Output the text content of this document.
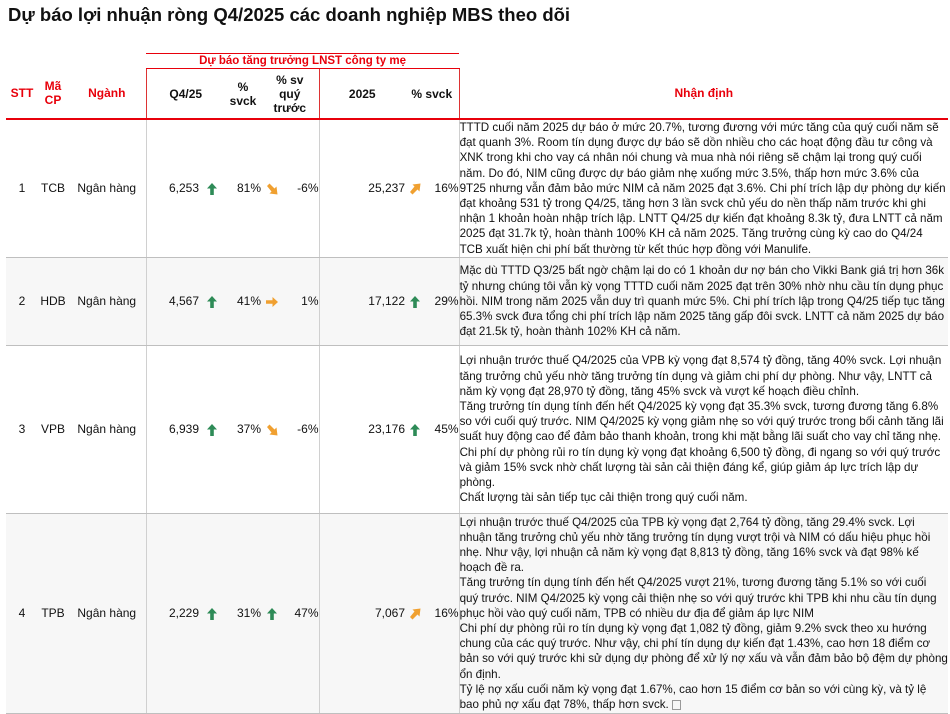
Dự báo lợi nhuận ròng Q4/2025 các doanh nghiệp MBS theo dõi
			Dự báo tăng trưởng LNST công ty mẹ								
STT	Mã
CP	Ngành	Q4/25		% svck	% sv
quý
trước		2025	% svck		Nhận định
1	TCB	Ngân hàng	6,253		81%		-6%	25,237		16%	TTTD cuối năm 2025 dự báo ở mức 20.7%, tương đương với mức tăng của quý cuối năm sẽ đạt quanh 3%. Room tín dụng được dự báo sẽ dồn nhiều cho các hoạt động đầu tư công và XNK trong khi cho vay cá nhân nói chung và mua nhà nói riêng sẽ chậm lại trong quý cuối năm. Do đó, NIM cũng được dự báo giảm nhẹ xuống mức 3.5%, thấp hơn mức 3.6% của 9T25 nhưng vẫn đảm bảo mức NIM cả năm 2025 đạt 3.6%. Chi phí trích lập dự phòng dự kiến đạt khoảng 531 tỷ trong Q4/25, tăng hơn 3 lần svck chủ yếu do nền thấp năm trước khi ghi nhận 1 khoản hoàn nhập trích lập. LNTT Q4/25 dự kiến đạt khoảng 8.3k tỷ, đưa LNTT cả năm 2025 đạt 31.7k tỷ, hoàn thành 100% KH cả năm 2025. Tăng trưởng cùng kỳ cao do Q4/24 TCB xuất hiện chi phí bất thường từ kết thúc hợp đồng với Manulife.

2	HDB	Ngân hàng	4,567		41%		1%	17,122		29%	Mặc dù TTTD Q3/25 bất ngờ chậm lại do có 1 khoản dư nợ bán cho Vikki Bank giá trị hơn 36k tỷ nhưng chúng tôi vẫn kỳ vọng TTTD cuối năm 2025 đạt trên 30% nhờ nhu cầu tín dụng phục hồi. NIM trong năm 2025 vẫn duy trì quanh mức 5%. Chi phí trích lập trong Q4/25 tiếp tục tăng 65.3% svck đưa tổng chi phí trích lập năm 2025 tăng gấp đôi svck. LNTT cả năm 2025 dự báo đạt 21.5k tỷ, hoàn thành 102% KH cả năm.

3	VPB	Ngân hàng	6,939		37%		-6%	23,176		45%	Lợi nhuận trước thuế Q4/2025 của VPB kỳ vọng đạt 8,574 tỷ đồng, tăng 40% svck. Lợi nhuận tăng trưởng chủ yếu nhờ tăng trưởng tín dụng và giảm chi phí dự phòng. Như vậy, LNTT cả năm kỳ vọng đạt 28,970 tỷ đồng, tăng 45% svck và vượt kế hoạch điều chỉnh.
Tăng trưởng tín dụng tính đến hết Q4/2025 kỳ vọng đạt 35.3% svck, tương đương tăng 6.8% so với cuối quý trước. NIM Q4/2025 kỳ vọng giảm nhẹ so với quý trước trong bối cảnh tăng lãi suất huy động cao để đảm bảo thanh khoản, trong khi mặt bằng lãi suất cho vay chỉ tăng nhẹ.
Chi phí dự phòng rủi ro tín dụng kỳ vọng đạt khoảng 6,500 tỷ đồng, đi ngang so với quý trước và giảm 15% svck nhờ chất lượng tài sản cải thiện đáng kể, giúp giảm áp lực trích lập dự phòng.
Chất lượng tài sản tiếp tục cải thiện trong quý cuối năm.

4	TPB	Ngân hàng	2,229		31%		47%	7,067		16%	Lợi nhuận trước thuế Q4/2025 của TPB kỳ vọng đạt 2,764 tỷ đồng, tăng 29.4% svck. Lợi nhuận tăng trưởng chủ yếu nhờ tăng trưởng tín dụng vượt trội và NIM có dấu hiệu phục hồi nhẹ. Như vậy, lợi nhuận cả năm kỳ vọng đạt 8,813 tỷ đồng, tăng 16% svck và đạt 98% kế hoạch đề ra.
Tăng trưởng tín dụng tính đến hết Q4/2025 vượt 21%, tương đương tăng 5.1% so với cuối quý trước. NIM Q4/2025 kỳ vọng cải thiện nhẹ so với quý trước khi TPB khi nhu cầu tín dụng phục hồi vào quý cuối năm, TPB có nhiều dư địa để giảm áp lực NIM
Chi phí dự phòng rủi ro tín dụng kỳ vọng đạt 1,082 tỷ đồng, giảm 9.2% svck theo xu hướng chung của các quý trước. Như vậy, chi phí tín dụng dự kiến đạt 1.43%, cao hơn 18 điểm cơ bản so với quý trước khi sử dụng dự phòng để xử lý nợ xấu và vẫn đảm bảo bộ đệm dự phòng ổn định.
Tỷ lệ nợ xấu cuối năm kỳ vọng đạt 1.67%, cao hơn 15 điểm cơ bản so với cùng kỳ, và tỷ lệ bao phủ nợ xấu đạt 78%, thấp hơn svck.
